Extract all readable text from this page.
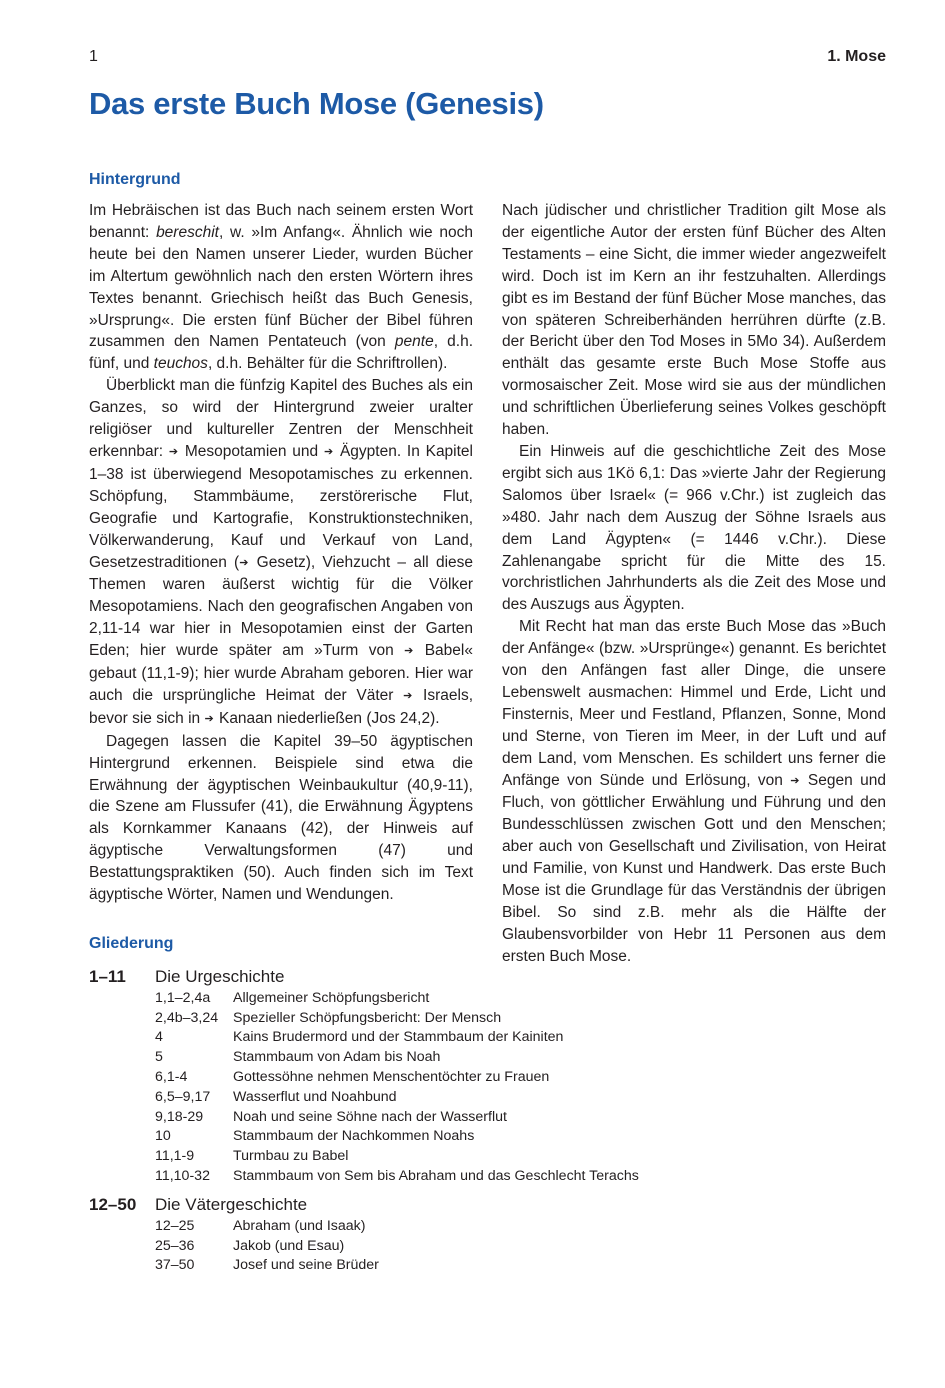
1	1. Mose
Das erste Buch Mose (Genesis)
Hintergrund

Im Hebräischen ist das Buch nach seinem ersten Wort benannt: bereschit, w. »Im Anfang«. Ähnlich wie noch heute bei den Namen unserer Lieder, wurden Bücher im Altertum gewöhnlich nach den ersten Wörtern ihres Textes benannt. Griechisch heißt das Buch Genesis, »Ursprung«. Die ersten fünf Bücher der Bibel führen zusammen den Namen Pentateuch (von pente, d.h. fünf, und teuchos, d.h. Behälter für die Schriftrollen).

Überblickt man die fünfzig Kapitel des Buches als ein Ganzes, so wird der Hintergrund zweier uralter religiöser und kultureller Zentren der Menschheit erkennbar: ➔ Mesopotamien und ➔ Ägypten. In Kapitel 1–38 ist überwiegend Mesopotamisches zu erkennen. Schöpfung, Stammbäume, zerstörerische Flut, Geografie und Kartografie, Konstruktionstechniken, Völkerwanderung, Kauf und Verkauf von Land, Gesetzestraditionen (➔ Gesetz), Viehzucht – all diese Themen waren äußerst wichtig für die Völker Mesopotamiens. Nach den geografischen Angaben von 2,11-14 war hier in Mesopotamien einst der Garten Eden; hier wurde später am »Turm von ➔ Babel« gebaut (11,1-9); hier wurde Abraham geboren. Hier war auch die ursprüngliche Heimat der Väter ➔ Israels, bevor sie sich in ➔ Kanaan niederließen (Jos 24,2).

Dagegen lassen die Kapitel 39–50 ägyptischen Hintergrund erkennen. Beispiele sind etwa die Erwähnung der ägyptischen Weinbaukultur (40,9-11), die Szene am Flussufer (41), die Erwähnung Ägyptens als Kornkammer Kanaans (42), der Hinweis auf ägyptische Verwaltungsformen (47) und Bestattungspraktiken (50). Auch finden sich im Text ägyptische Wörter, Namen und Wendungen.

Nach jüdischer und christlicher Tradition gilt Mose als der eigentliche Autor der ersten fünf Bücher des Alten Testaments – eine Sicht, die immer wieder angezweifelt wird. Doch ist im Kern an ihr festzuhalten. Allerdings gibt es im Bestand der fünf Bücher Mose manches, das von späteren Schreiberhänden herrühren dürfte (z.B. der Bericht über den Tod Moses in 5Mo 34). Außerdem enthält das gesamte erste Buch Mose Stoffe aus vormosaischer Zeit. Mose wird sie aus der mündlichen und schriftlichen Überlieferung seines Volkes geschöpft haben.

Ein Hinweis auf die geschichtliche Zeit des Mose ergibt sich aus 1Kö 6,1: Das »vierte Jahr der Regierung Salomos über Israel« (= 966 v.Chr.) ist zugleich das »480. Jahr nach dem Auszug der Söhne Israels aus dem Land Ägypten« (= 1446 v.Chr.). Diese Zahlenangabe spricht für die Mitte des 15. vorchristlichen Jahrhunderts als die Zeit des Mose und des Auszugs aus Ägypten.

Mit Recht hat man das erste Buch Mose das »Buch der Anfänge« (bzw. »Ursprünge«) genannt. Es berichtet von den Anfängen fast aller Dinge, die unsere Lebenswelt ausmachen: Himmel und Erde, Licht und Finsternis, Meer und Festland, Pflanzen, Sonne, Mond und Sterne, von Tieren im Meer, in der Luft und auf dem Land, vom Menschen. Es schildert uns ferner die Anfänge von Sünde und Erlösung, von ➔ Segen und Fluch, von göttlicher Erwählung und Führung und den Bundesschlüssen zwischen Gott und den Menschen; aber auch von Gesellschaft und Zivilisation, von Heirat und Familie, von Kunst und Handwerk. Das erste Buch Mose ist die Grundlage für das Verständnis der übrigen Bibel. So sind z.B. mehr als die Hälfte der Glaubensvorbilder von Hebr 11 Personen aus dem ersten Buch Mose.

Gliederung
1–11	Die Urgeschichte
1,1–2,4a	Allgemeiner Schöpfungsbericht
2,4b–3,24	Spezieller Schöpfungsbericht: Der Mensch
4	Kains Brudermord und der Stammbaum der Kainiten
5	Stammbaum von Adam bis Noah
6,1-4	Gottessöhne nehmen Menschentöchter zu Frauen
6,5–9,17	Wasserflut und Noahbund
9,18-29	Noah und seine Söhne nach der Wasserflut
10	Stammbaum der Nachkommen Noahs
11,1-9	Turmbau zu Babel
11,10-32	Stammbaum von Sem bis Abraham und das Geschlecht Terachs
12–50	Die Vätergeschichte
12–25	Abraham (und Isaak)
25–36	Jakob (und Esau)
37–50	Josef und seine Brüder
